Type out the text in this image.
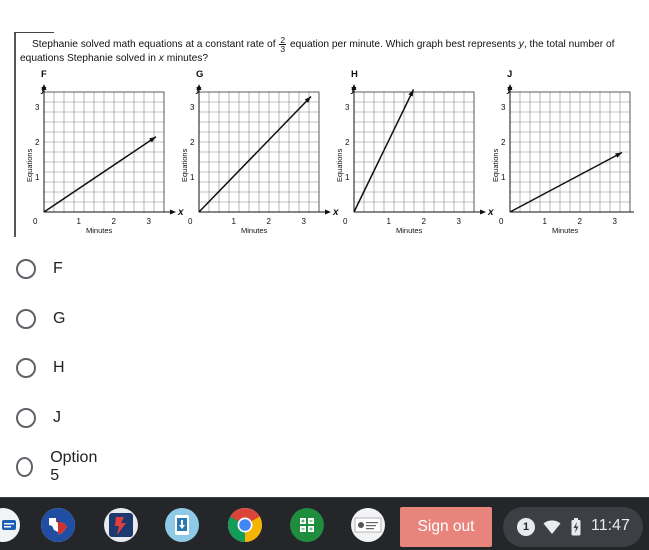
Stephanie solved math equations at a constant rate of $\frac{2}{3}$ equation per minute. Which graph best represents y, the total number of equations Stephanie solved in x minutes?
F
y
x
1	2	3
1
2
3
0
Minutes
Equations
G
y
x
1	2	3
1
2
3
0
Minutes
Equations
H
y
x
1	2	3
1
2
3
0
Minutes
Equations
J
y
1	2	3
1
2
3
0
Minutes
Equations
F
G
H
J
Option 5
Sign out	1	11:47
